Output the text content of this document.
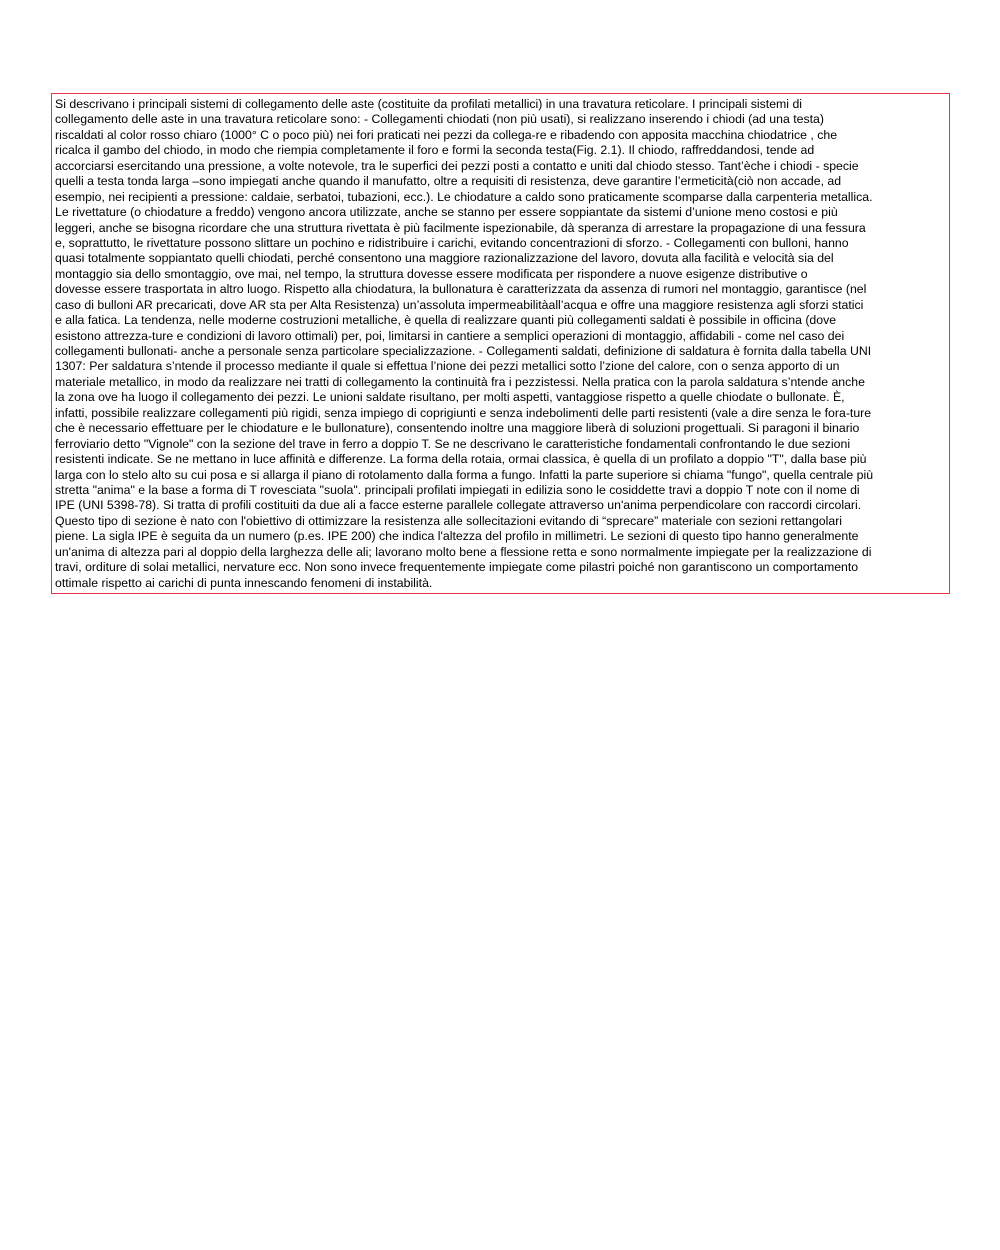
Si descrivano i principali sistemi di collegamento delle aste (costituite da profilati metallici) in una travatura reticolare. I principali sistemi di
collegamento delle aste in una travatura reticolare sono: - Collegamenti chiodati (non più usati), si realizzano inserendo i chiodi (ad una testa)
riscaldati al color rosso chiaro (1000° C o poco più) nei fori praticati nei pezzi da collega-re e ribadendo con apposita macchina chiodatrice , che
ricalca il gambo del chiodo, in modo che riempia completamente il foro e formi la seconda testa(Fig. 2.1). Il chiodo, raffreddandosi, tende ad
accorciarsi esercitando una pressione, a volte notevole, tra le superfici dei pezzi posti a contatto e uniti dal chiodo stesso. Tant’èche i chiodi - specie
quelli a testa tonda larga –sono impiegati anche quando il manufatto, oltre a requisiti di resistenza, deve garantire l’ermeticità(ciò non accade, ad
esempio, nei recipienti a pressione: caldaie, serbatoi, tubazioni, ecc.). Le chiodature a caldo sono praticamente scomparse dalla carpenteria metallica.
Le rivettature (o chiodature a freddo) vengono ancora utilizzate, anche se stanno per essere soppiantate da sistemi d’unione meno costosi e più
leggeri, anche se bisogna ricordare che una struttura rivettata è più facilmente ispezionabile, dà speranza di arrestare la propagazione di una fessura
e, soprattutto, le rivettature possono slittare un pochino e ridistribuire i carichi, evitando concentrazioni di sforzo. - Collegamenti con bulloni, hanno
quasi totalmente soppiantato quelli chiodati, perché consentono una maggiore razionalizzazione del lavoro, dovuta alla facilità e velocità sia del
montaggio sia dello smontaggio, ove mai, nel tempo, la struttura dovesse essere modificata per rispondere a nuove esigenze distributive o
dovesse essere trasportata in altro luogo. Rispetto alla chiodatura, la bullonatura è caratterizzata da assenza di rumori nel montaggio, garantisce (nel
caso di bulloni AR precaricati, dove AR sta per Alta Resistenza) un’assoluta impermeabilitàall’acqua e offre una maggiore resistenza agli sforzi statici
e alla fatica. La tendenza, nelle moderne costruzioni metalliche, è quella di realizzare quanti più collegamenti saldati è possibile in officina (dove
esistono attrezza-ture e condizioni di lavoro ottimali) per, poi, limitarsi in cantiere a semplici operazioni di montaggio, affidabili - come nel caso dei
collegamenti bullonati- anche a personale senza particolare specializzazione. - Collegamenti saldati, definizione di saldatura è fornita dalla tabella UNI
1307: Per saldatura s’ntende il processo mediante il quale si effettua l’nione dei pezzi metallici sotto l’zione del calore, con o senza apporto di un
materiale metallico, in modo da realizzare nei tratti di collegamento la continuità fra i pezzistessi. Nella pratica con la parola saldatura s’ntende anche
la zona ove ha luogo il collegamento dei pezzi. Le unioni saldate risultano, per molti aspetti, vantaggiose rispetto a quelle chiodate o bullonate. È,
infatti, possibile realizzare collegamenti più rigidi, senza impiego di coprigiunti e senza indebolimenti delle parti resistenti (vale a dire senza le fora-ture
che è necessario effettuare per le chiodature e le bullonature), consentendo inoltre una maggiore liberà di soluzioni progettuali. Si paragoni il binario
ferroviario detto "Vignole" con la sezione del trave in ferro a doppio T. Se ne descrivano le caratteristiche fondamentali confrontando le due sezioni
resistenti indicate. Se ne mettano in luce affinità e differenze. La forma della rotaia, ormai classica, è quella di un profilato a doppio "T", dalla base più
larga con lo stelo alto su cui posa e si allarga il piano di rotolamento dalla forma a fungo. Infatti la parte superiore si chiama "fungo", quella centrale più
stretta "anima" e la base a forma di T rovesciata "suola". principali profilati impiegati in edilizia sono le cosiddette travi a doppio T note con il nome di
IPE (UNI 5398-78). Si tratta di profili costituiti da due ali a facce esterne parallele collegate attraverso un'anima perpendicolare con raccordi circolari.
Questo tipo di sezione è nato con l'obiettivo di ottimizzare la resistenza alle sollecitazioni evitando di “sprecare” materiale con sezioni rettangolari
piene. La sigla IPE è seguita da un numero (p.es. IPE 200) che indica l'altezza del profilo in millimetri. Le sezioni di questo tipo hanno generalmente
un'anima di altezza pari al doppio della larghezza delle ali; lavorano molto bene a flessione retta e sono normalmente impiegate per la realizzazione di
travi, orditure di solai metallici, nervature ecc. Non sono invece frequentemente impiegate come pilastri poiché non garantiscono un comportamento
ottimale rispetto ai carichi di punta innescando fenomeni di instabilità.
